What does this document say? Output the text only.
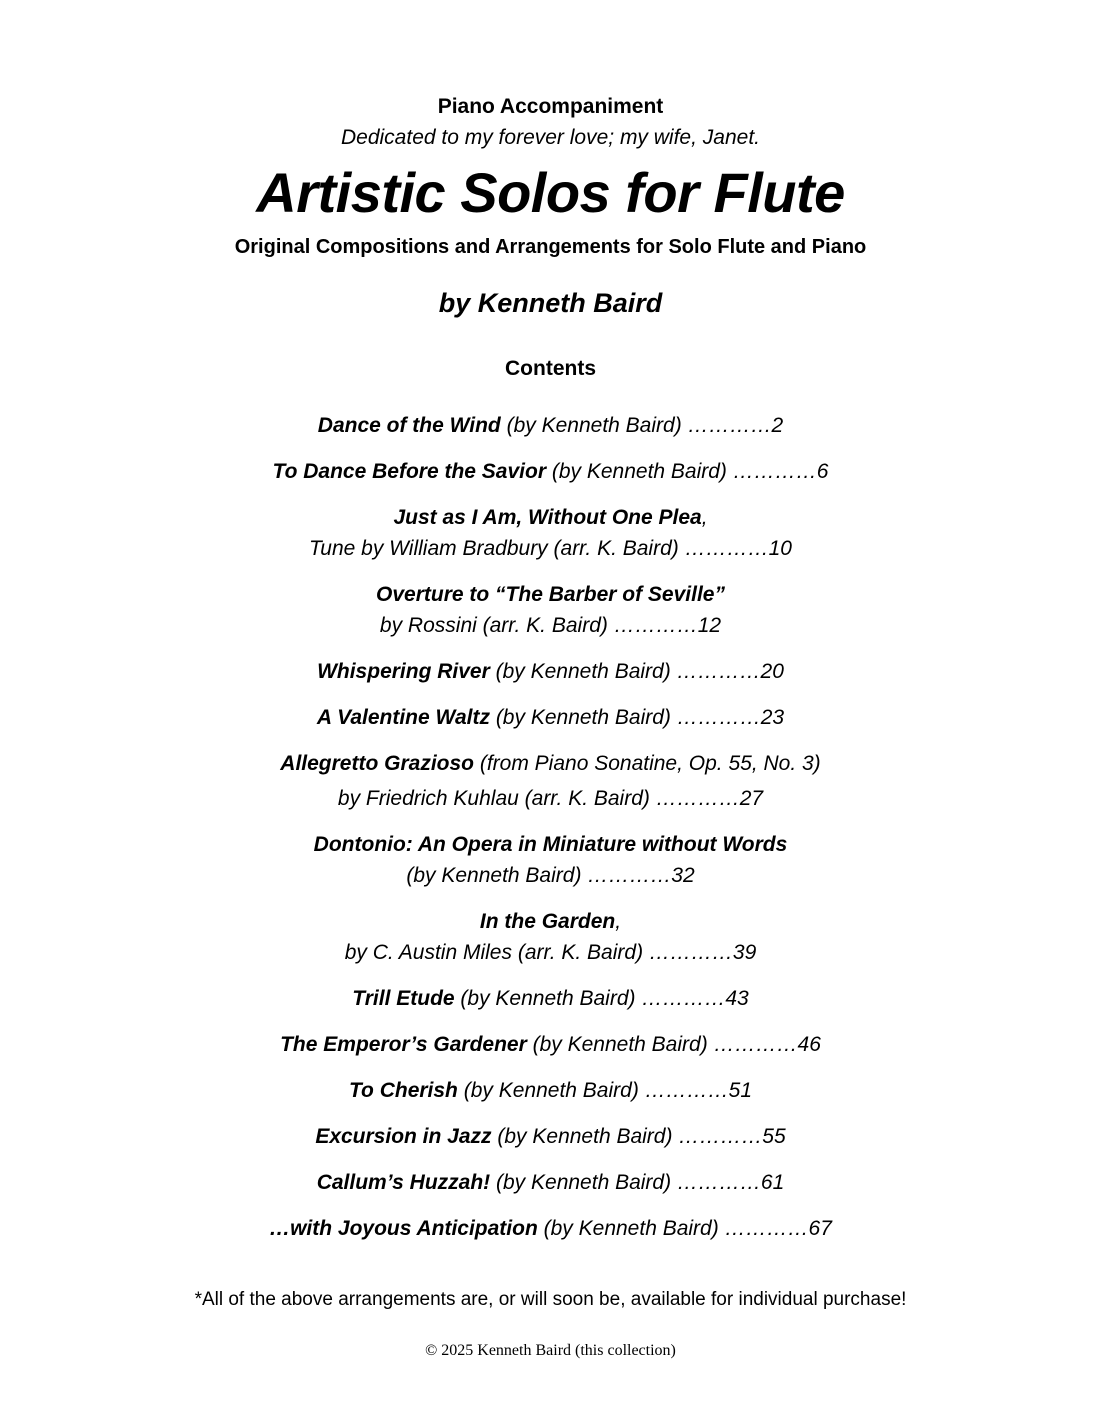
Piano Accompaniment
Dedicated to my forever love; my wife, Janet.
Artistic Solos for Flute
Original Compositions and Arrangements for Solo Flute and Piano
by Kenneth Baird
Contents
Dance of the Wind (by Kenneth Baird) …………2
To Dance Before the Savior (by Kenneth Baird) …………6
Just as I Am, Without One Plea,
Tune by William Bradbury (arr. K. Baird) …………10
Overture to “The Barber of Seville”
by Rossini (arr. K. Baird) …………12
Whispering River (by Kenneth Baird) …………20
A Valentine Waltz (by Kenneth Baird) …………23
Allegretto Grazioso (from Piano Sonatine, Op. 55, No. 3)
by Friedrich Kuhlau (arr. K. Baird) …………27
Dontonio: An Opera in Miniature without Words
(by Kenneth Baird) …………32
In the Garden,
by C. Austin Miles (arr. K. Baird) …………39
Trill Etude (by Kenneth Baird) …………43
The Emperor’s Gardener (by Kenneth Baird) …………46
To Cherish (by Kenneth Baird) …………51
Excursion in Jazz (by Kenneth Baird) …………55
Callum’s Huzzah! (by Kenneth Baird) …………61
…with Joyous Anticipation (by Kenneth Baird) …………67
*All of the above arrangements are, or will soon be, available for individual purchase!
© 2025 Kenneth Baird (this collection)
